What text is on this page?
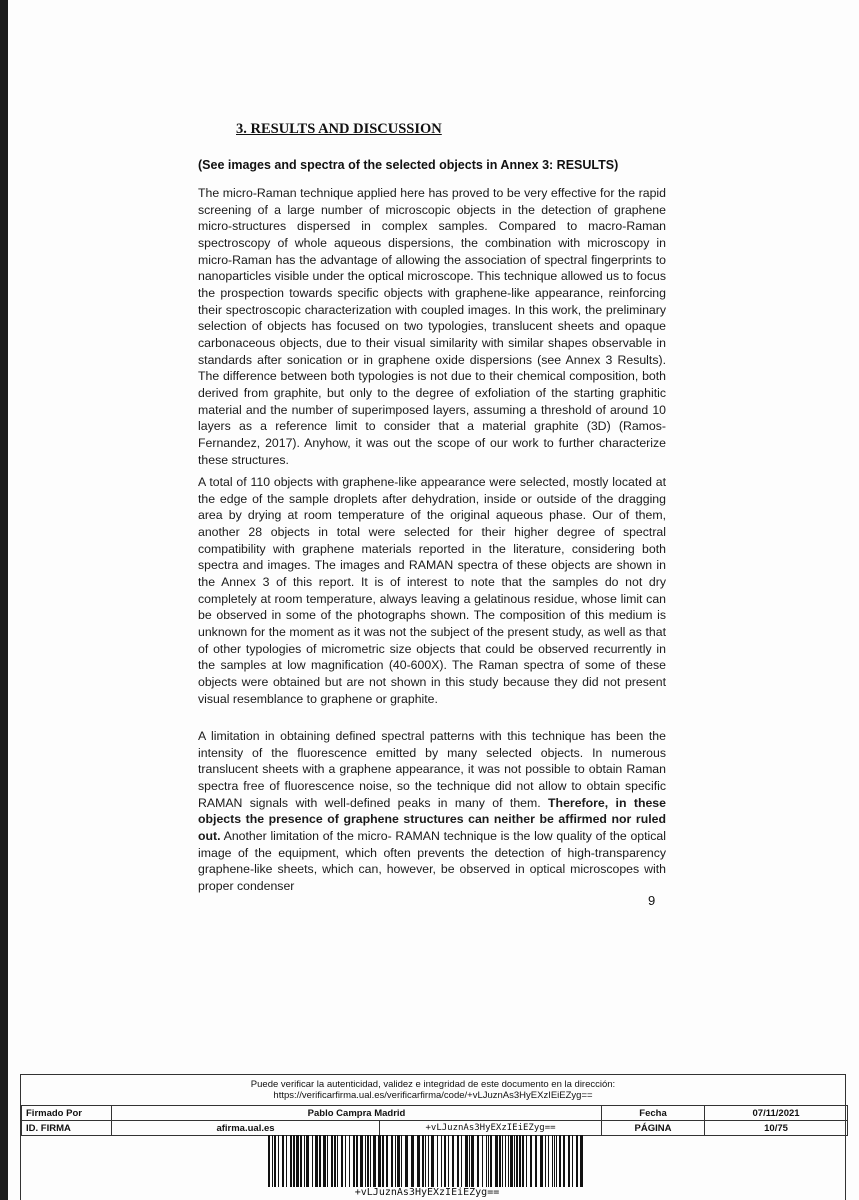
3. RESULTS AND DISCUSSION

(See images and spectra of the selected objects in Annex 3: RESULTS)

The micro-Raman technique applied here has proved to be very effective for the rapid screening of a large number of microscopic objects in the detection of graphene micro-structures dispersed in complex samples. Compared to macro-Raman spectroscopy of whole aqueous dispersions, the combination with microscopy in micro-Raman has the advantage of allowing the association of spectral fingerprints to nanoparticles visible under the optical microscope. This technique allowed us to focus the prospection towards specific objects with graphene-like appearance, reinforcing their spectroscopic characterization with coupled images. In this work, the preliminary selection of objects has focused on two typologies, translucent sheets and opaque carbonaceous objects, due to their visual similarity with similar shapes observable in standards after sonication or in graphene oxide dispersions (see Annex 3 Results). The difference between both typologies is not due to their chemical composition, both derived from graphite, but only to the degree of exfoliation of the starting graphitic material and the number of superimposed layers, assuming a threshold of around 10 layers as a reference limit to consider that a material graphite (3D) (Ramos-Fernandez, 2017). Anyhow, it was out the scope of our work to further characterize these structures.

A total of 110 objects with graphene-like appearance were selected, mostly located at the edge of the sample droplets after dehydration, inside or outside of the dragging area by drying at room temperature of the original aqueous phase. Our of them, another 28 objects in total were selected for their higher degree of spectral compatibility with graphene materials reported in the literature, considering both spectra and images. The images and RAMAN spectra of these objects are shown in the Annex 3 of this report. It is of interest to note that the samples do not dry completely at room temperature, always leaving a gelatinous residue, whose limit can be observed in some of the photographs shown. The composition of this medium is unknown for the moment as it was not the subject of the present study, as well as that of other typologies of micrometric size objects that could be observed recurrently in the samples at low magnification (40-600X). The Raman spectra of some of these objects were obtained but are not shown in this study because they did not present visual resemblance to graphene or graphite.

A limitation in obtaining defined spectral patterns with this technique has been the intensity of the fluorescence emitted by many selected objects. In numerous translucent sheets with a graphene appearance, it was not possible to obtain Raman spectra free of fluorescence noise, so the technique did not allow to obtain specific RAMAN signals with well-defined peaks in many of them. Therefore, in these objects the presence of graphene structures can neither be affirmed nor ruled out. Another limitation of the micro- RAMAN technique is the low quality of the optical image of the equipment, which often prevents the detection of high-transparency graphene-like sheets, which can, however, be observed in optical microscopes with proper condenser

9
Puede verificar la autenticidad, validez e integridad de este documento en la dirección:
https://verificarfirma.ual.es/verificarfirma/code/+vLJuznAs3HyEXzIEiEZyg==
Firmado Por	Pablo Campra Madrid		Fecha	07/11/2021
ID. FIRMA	afirma.ual.es	+vLJuznAs3HyEXzIEiEZyg==	PÁGINA	10/75
+vLJuznAs3HyEXzIEiEZyg==
